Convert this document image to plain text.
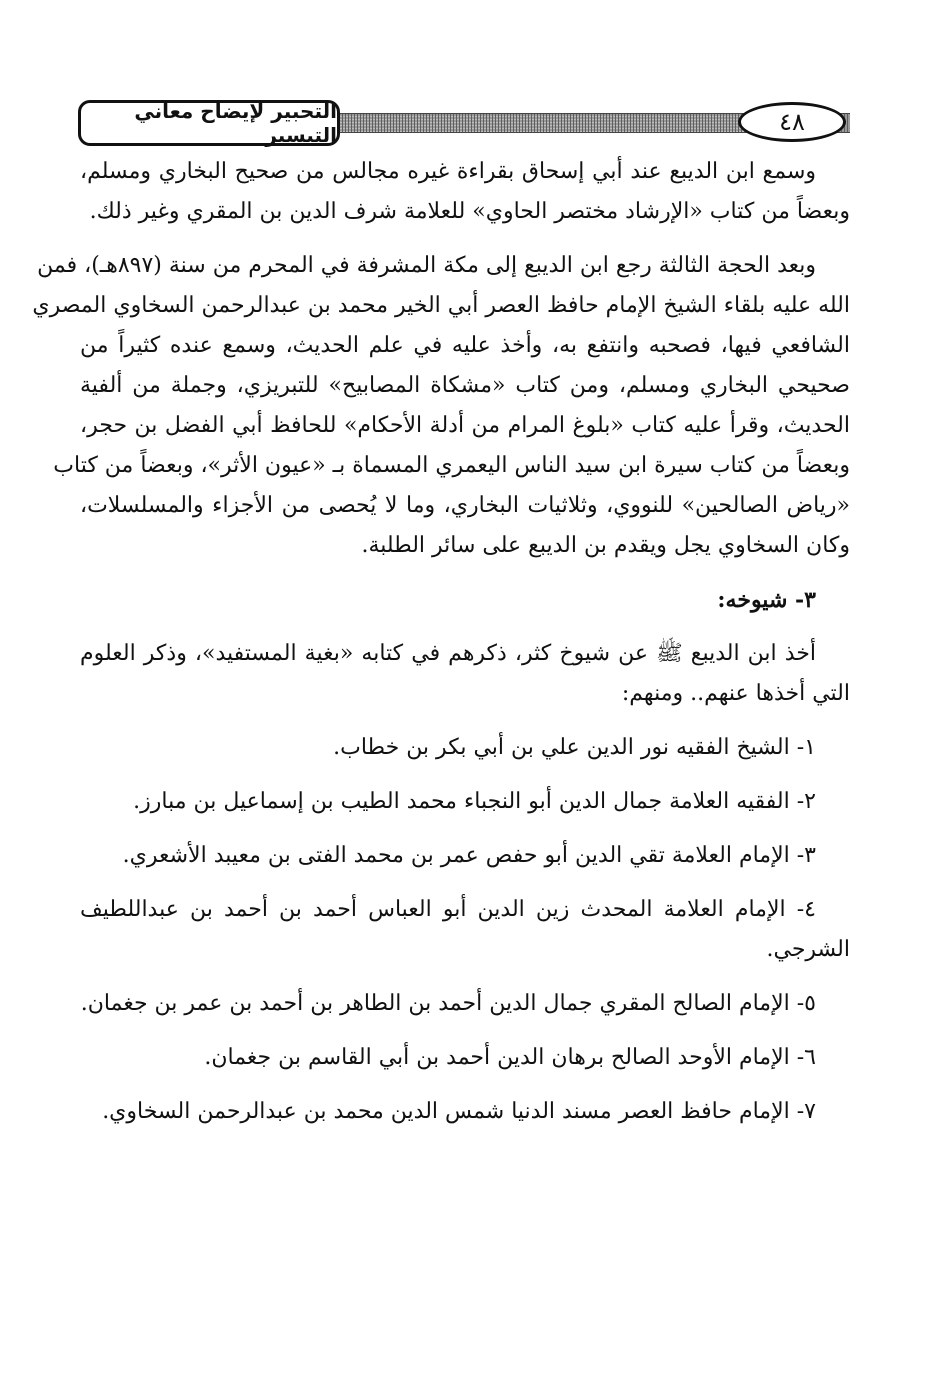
التحبير لإيضاح معاني التيسير	٤٨
وسمع ابن الديبع عند أبي إسحاق بقراءة غيره مجالس من صحيح البخاري ومسلم،
وبعضاً من كتاب «الإرشاد مختصر الحاوي» للعلامة شرف الدين بن المقري وغير ذلك.
وبعد الحجة الثالثة رجع ابن الديبع إلى مكة المشرفة في المحرم من سنة (٨٩٧هـ)، فمن
الله عليه بلقاء الشيخ الإمام حافظ العصر أبي الخير محمد بن عبدالرحمن السخاوي المصري
الشافعي فيها، فصحبه وانتفع به، وأخذ عليه في علم الحديث، وسمع عنده كثيراً من
صحيحي البخاري ومسلم، ومن كتاب «مشكاة المصابيح» للتبريزي، وجملة من ألفية
الحديث، وقرأ عليه كتاب «بلوغ المرام من أدلة الأحكام» للحافظ أبي الفضل بن حجر،
وبعضاً من كتاب سيرة ابن سيد الناس اليعمري المسماة بـ «عيون الأثر»، وبعضاً من كتاب
«رياض الصالحين» للنووي، وثلاثيات البخاري، وما لا يُحصى من الأجزاء والمسلسلات،
وكان السخاوي يجل ويقدم بن الديبع على سائر الطلبة.
٣- شيوخه:
أخذ ابن الديبع ﷺ عن شيوخ كثر، ذكرهم في كتابه «بغية المستفيد»، وذكر العلوم
التي أخذها عنهم.. ومنهم:
١- الشيخ الفقيه نور الدين علي بن أبي بكر بن خطاب.
٢- الفقيه العلامة جمال الدين أبو النجباء محمد الطيب بن إسماعيل بن مبارز.
٣- الإمام العلامة تقي الدين أبو حفص عمر بن محمد الفتى بن معيبد الأشعري.
٤- الإمام العلامة المحدث زين الدين أبو العباس أحمد بن أحمد بن عبداللطيف
الشرجي.
٥- الإمام الصالح المقري جمال الدين أحمد بن الطاهر بن أحمد بن عمر بن جغمان.
٦- الإمام الأوحد الصالح برهان الدين أحمد بن أبي القاسم بن جغمان.
٧- الإمام حافظ العصر مسند الدنيا شمس الدين محمد بن عبدالرحمن السخاوي.
